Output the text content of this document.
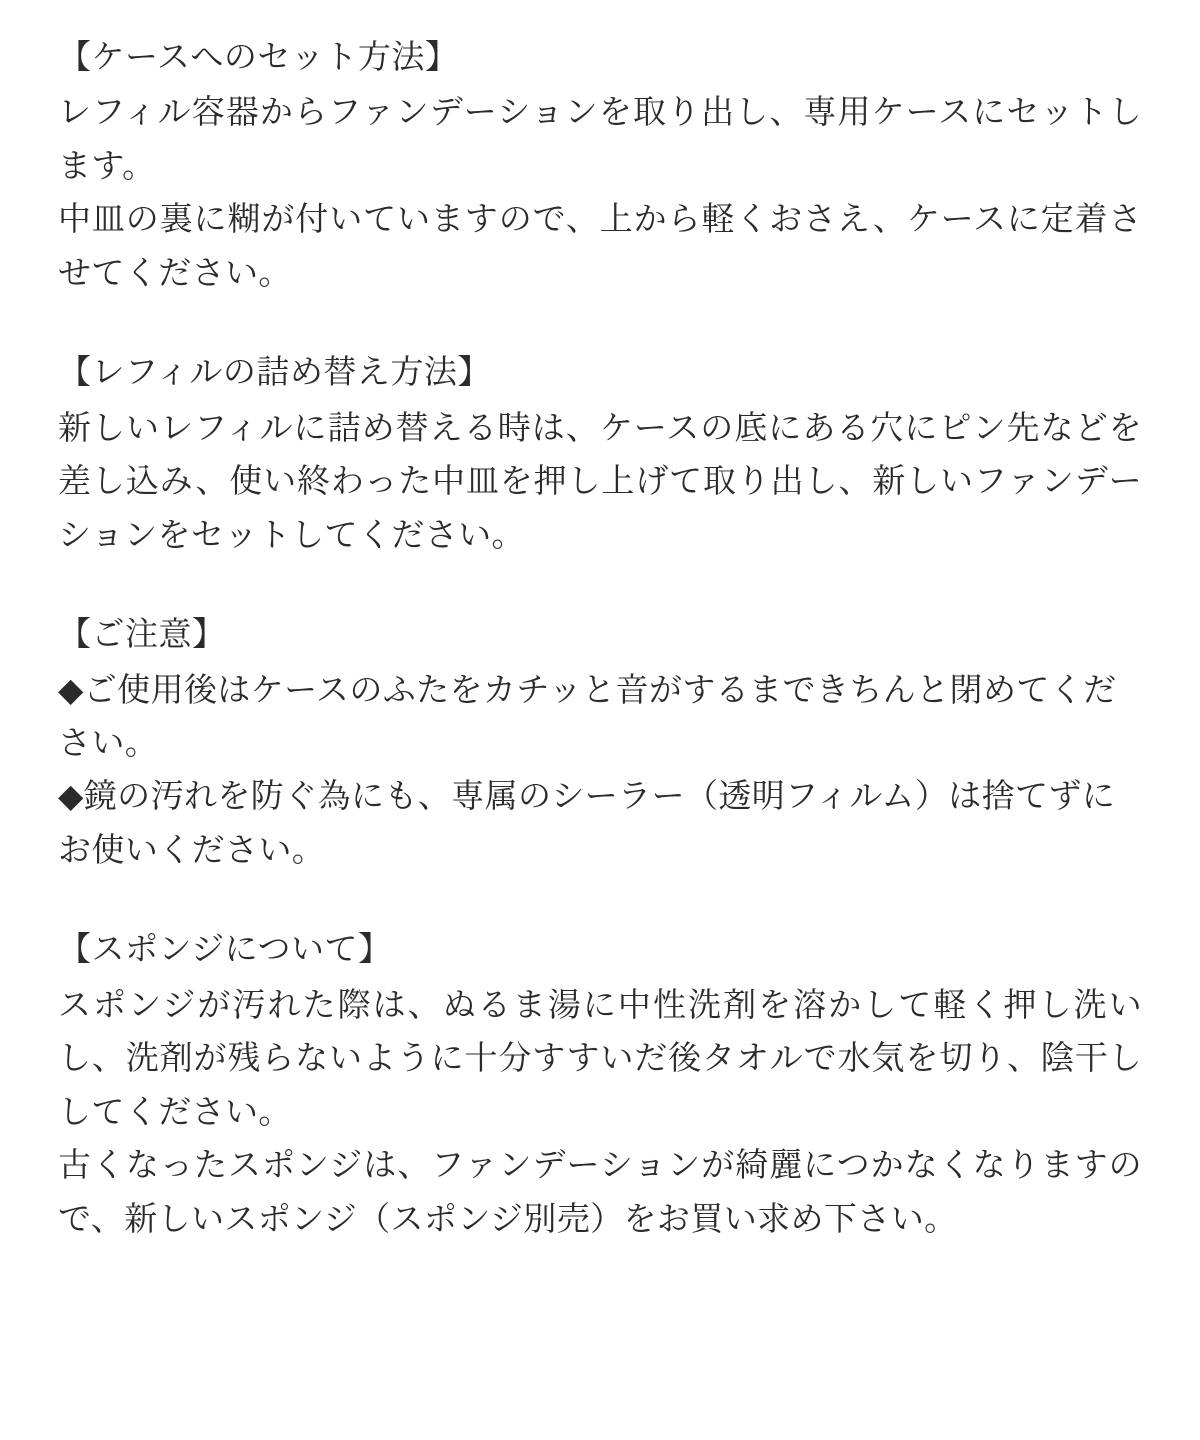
【ケースへのセット方法】

レフィル容器からファンデーションを取り出し、専用ケースにセットします。

中皿の裏に糊が付いていますので、上から軽くおさえ、ケースに定着させてください。

【レフィルの詰め替え方法】

新しいレフィルに詰め替える時は、ケースの底にある穴にピン先などを差し込み、使い終わった中皿を押し上げて取り出し、新しいファンデーションをセットしてください。

【ご注意】

◆ご使用後はケースのふたをカチッと音がするまできちんと閉めてください。

◆鏡の汚れを防ぐ為にも、専属のシーラー（透明フィルム）は捨てずにお使いください。

【スポンジについて】

スポンジが汚れた際は、ぬるま湯に中性洗剤を溶かして軽く押し洗いし、洗剤が残らないように十分すすいだ後タオルで水気を切り、陰干ししてください。

古くなったスポンジは、ファンデーションが綺麗につかなくなりますので、新しいスポンジ（スポンジ別売）をお買い求め下さい。
